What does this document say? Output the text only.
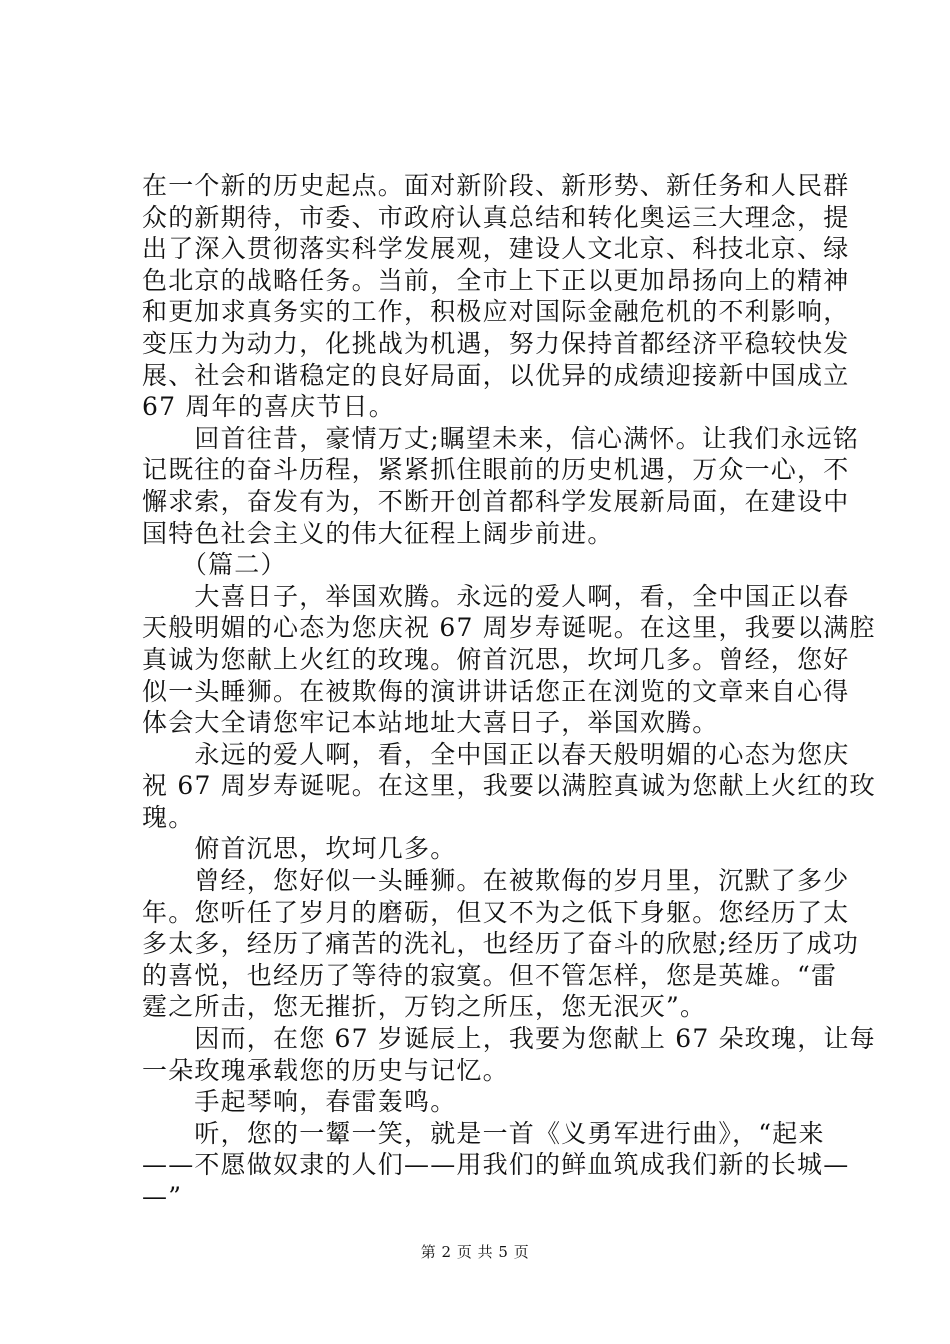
在一个新的历史起点。面对新阶段、新形势、新任务和人民群
众的新期待，市委、市政府认真总结和转化奥运三大理念，提
出了深入贯彻落实科学发展观，建设人文北京、科技北京、绿
色北京的战略任务。当前，全市上下正以更加昂扬向上的精神
和更加求真务实的工作，积极应对国际金融危机的不利影响，
变压力为动力，化挑战为机遇，努力保持首都经济平稳较快发
展、社会和谐稳定的良好局面，以优异的成绩迎接新中国成立
67 周年的喜庆节日。
　　回首往昔，豪情万丈;瞩望未来，信心满怀。让我们永远铭
记既往的奋斗历程，紧紧抓住眼前的历史机遇，万众一心，不
懈求索，奋发有为，不断开创首都科学发展新局面，在建设中
国特色社会主义的伟大征程上阔步前进。
　　（篇二）
　　大喜日子，举国欢腾。永远的爱人啊，看，全中国正以春
天般明媚的心态为您庆祝 67 周岁寿诞呢。在这里，我要以满腔
真诚为您献上火红的玫瑰。俯首沉思，坎坷几多。曾经，您好
似一头睡狮。在被欺侮的演讲讲话您正在浏览的文章来自心得
体会大全请您牢记本站地址大喜日子，举国欢腾。
　　永远的爱人啊，看，全中国正以春天般明媚的心态为您庆
祝 67 周岁寿诞呢。在这里，我要以满腔真诚为您献上火红的玫
瑰。
　　俯首沉思，坎坷几多。
　　曾经，您好似一头睡狮。在被欺侮的岁月里，沉默了多少
年。您听任了岁月的磨砺，但又不为之低下身躯。您经历了太
多太多，经历了痛苦的洗礼，也经历了奋斗的欣慰;经历了成功
的喜悦，也经历了等待的寂寞。但不管怎样，您是英雄。“雷
霆之所击，您无摧折，万钧之所压，您无泯灭”。
　　因而，在您 67 岁诞辰上，我要为您献上 67 朵玫瑰，让每
一朵玫瑰承载您的历史与记忆。
　　手起琴响，春雷轰鸣。
　　听，您的一颦一笑，就是一首《义勇军进行曲》，“起来
——不愿做奴隶的人们——用我们的鲜血筑成我们新的长城—
—”
第 2 页 共 5 页
